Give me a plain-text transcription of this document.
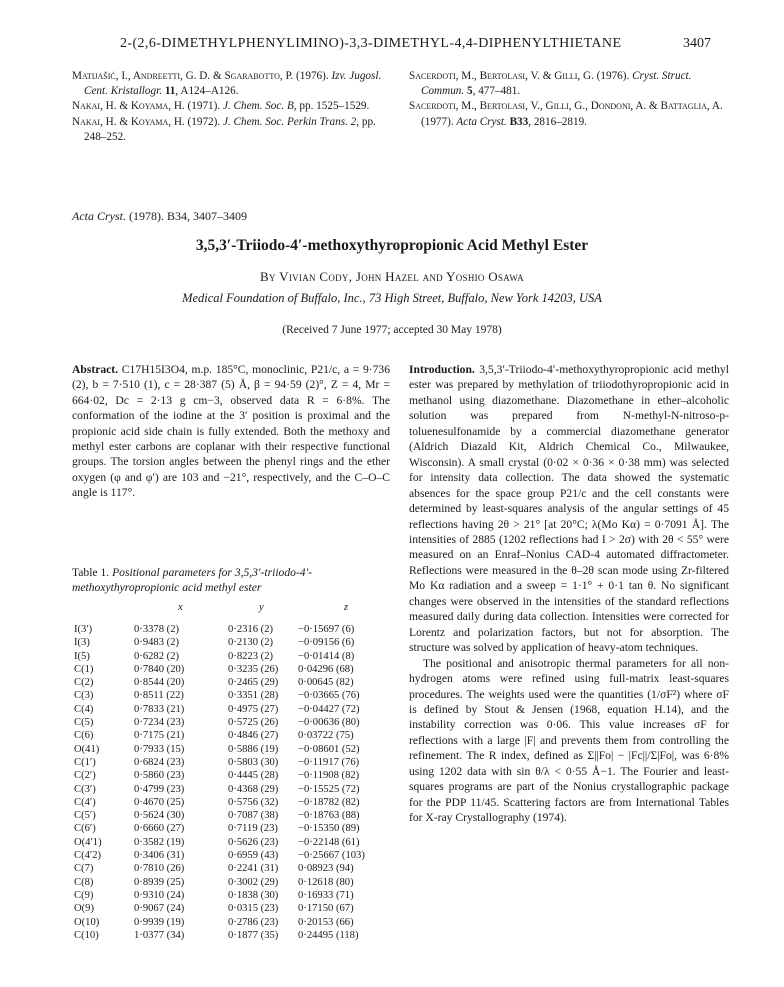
2-(2,6-DIMETHYLPHENYLIMINO)-3,3-DIMETHYL-4,4-DIPHENYLTHIETANE	3407
Matijašić, I., Andreetti, G. D. & Sgarabotto, P. (1976). Izv. Jugosl. Cent. Kristallogr. 11, A124–A126.
Nakai, H. & Koyama, H. (1971). J. Chem. Soc. B, pp. 1525–1529.
Nakai, H. & Koyama, H. (1972). J. Chem. Soc. Perkin Trans. 2, pp. 248–252.
Sacerdoti, M., Bertolasi, V. & Gilli, G. (1976). Cryst. Struct. Commun. 5, 477–481.
Sacerdoti, M., Bertolasi, V., Gilli, G., Dondoni, A. & Battaglia, A. (1977). Acta Cryst. B33, 2816–2819.
Acta Cryst. (1978). B34, 3407–3409
3,5,3′-Triiodo-4′-methoxythyropropionic Acid Methyl Ester
By Vivian Cody, John Hazel and Yoshio Osawa
Medical Foundation of Buffalo, Inc., 73 High Street, Buffalo, New York 14203, USA
(Received 7 June 1977; accepted 30 May 1978)
Abstract. C17H15I3O4, m.p. 185°C, monoclinic, P21/c, a = 9·736 (2), b = 7·510 (1), c = 28·387 (5) Å, β = 94·59 (2)°, Z = 4, Mr = 664·02, Dc = 2·13 g cm−3, observed data R = 6·8%. The conformation of the iodine at the 3′ position is proximal and the propionic acid side chain is fully extended. Both the methoxy and methyl ester carbons are coplanar with their respective functional groups. The torsion angles between the phenyl rings and the ether oxygen (φ and φ′) are 103 and −21°, respectively, and the C–O–C angle is 117°.
Table 1. Positional parameters for 3,5,3′-triiodo-4′-methoxythyropropionic acid methyl ester
x	y	z
I(3′)	0·3378 (2)	0·2316 (2) −0·15697 (6)
I(3)	0·9483 (2)	0·2130 (2) −0·09156 (6)
I(5)	0·6282 (2)	0·8223 (2) −0·01414 (8)
C(1)	0·7840 (20)	0·3235 (26) 0·04296 (68)
C(2)	0·8544 (20)	0·2465 (29) 0·00645 (82)
C(3)	0·8511 (22)	0·3351 (28) −0·03665 (76)
C(4)	0·7833 (21)	0·4975 (27) −0·04427 (72)
C(5)	0·7234 (23)	0·5725 (26) −0·00636 (80)
C(6)	0·7175 (21)	0·4846 (27) 0·03722 (75)
O(41)	0·7933 (15)	0·5886 (19) −0·08601 (52)
C(1′)	0·6824 (23)	0·5803 (30) −0·11917 (76)
C(2′)	0·5860 (23)	0·4445 (28) −0·11908 (82)
C(3′)	0·4799 (23)	0·4368 (29) −0·15525 (72)
C(4′)	0·4670 (25)	0·5756 (32) −0·18782 (82)
C(5′)	0·5624 (30)	0·7087 (38) −0·18763 (88)
C(6′)	0·6660 (27)	0·7119 (23) −0·15350 (89)
O(4′1)	0·3582 (19)	0·5626 (23) −0·22148 (61)
C(4′2)	0·3406 (31)	0·6959 (43) −0·25667 (103)
C(7)	0·7810 (26)	0·2241 (31) 0·08923 (94)
C(8)	0·8939 (25)	0·3002 (29) 0·12618 (80)
C(9)	0·9310 (24)	0·1838 (30) 0·16933 (71)
O(9)	0·9067 (24)	0·0315 (23) 0·17150 (67)
O(10)	0·9939 (19)	0·2786 (23) 0·20153 (66)
C(10)	1·0377 (34)	0·1877 (35) 0·24495 (118)

Introduction. 3,5,3′-Triiodo-4′-methoxythyropropionic acid methyl ester was prepared by methylation of triiodothyropropionic acid in methanol using diazomethane. Diazomethane in ether–alcoholic solution was prepared from N-methyl-N-nitroso-p-toluenesulfonamide by a commercial diazomethane generator (Aldrich Diazald Kit, Aldrich Chemical Co., Milwaukee, Wisconsin). A small crystal (0·02 × 0·36 × 0·38 mm) was selected for intensity data collection. The data showed the systematic absences for the space group P21/c and the cell constants were determined by least-squares analysis of the angular settings of 45 reflections having 2θ > 21° [at 20°C; λ(Mo Kα) = 0·7091 Å]. The intensities of 2885 (1202 reflections had I > 2σ) with 2θ < 55° were measured on an Enraf–Nonius CAD-4 automated diffractometer. Reflections were measured in the θ–2θ scan mode using Zr-filtered Mo Kα radiation and a sweep = 1·1° + 0·1 tan θ. No significant changes were observed in the intensities of the standard reflections measured daily during data collection. Intensities were corrected for Lorentz and polarization factors, but not for absorption. The structure was solved by application of heavy-atom techniques.

The positional and anisotropic thermal parameters for all non-hydrogen atoms were refined using full-matrix least-squares procedures. The weights used were the quantities (1/σF²) where σF is defined by Stout & Jensen (1968, equation H.14), and the instability correction was 0·06. This value increases σF for reflections with a large |F| and prevents them from controlling the refinement. The R index, defined as Σ||Fo| − |Fc||/Σ|Fo|, was 6·8% using 1202 data with sin θ/λ < 0·55 Å−1. The Fourier and least-squares programs are part of the Nonius crystallographic package for the PDP 11/45. Scattering factors are from International Tables for X-ray Crystallography (1974).
